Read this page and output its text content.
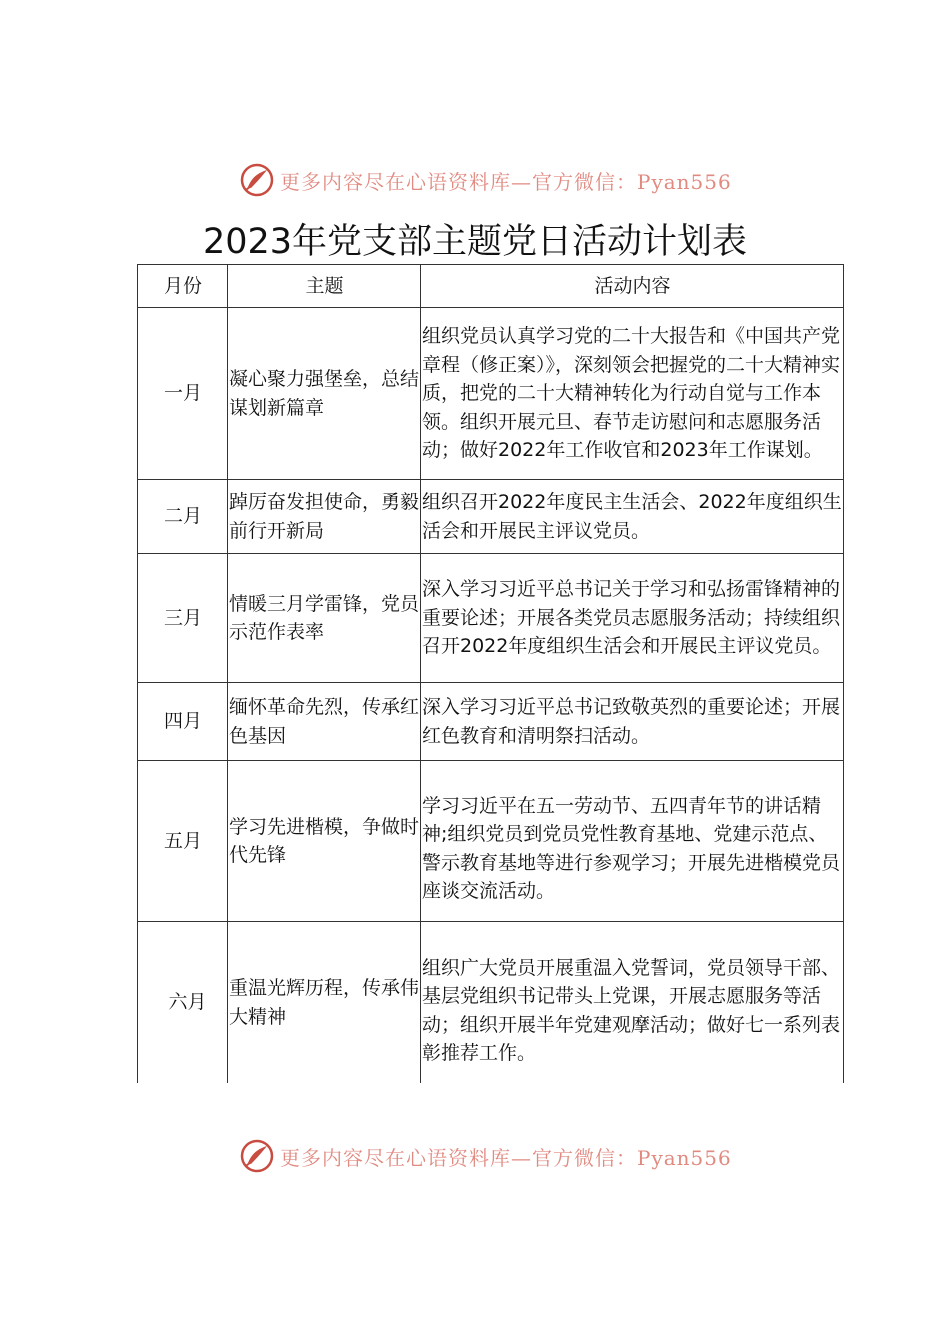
更多内容尽在心语资料库—官方微信：Pyan556
2023年党支部主题党日活动计划表
月份	主题	活动内容
一月	凝心聚力强堡垒，总结谋划新篇章	组织党员认真学习党的二十大报告和《中国共产党章程（修正案）》，深刻领会把握党的二十大精神实质，把党的二十大精神转化为行动自觉与工作本领。组织开展元旦、春节走访慰问和志愿服务活动；做好2022年工作收官和2023年工作谋划。
二月	踔厉奋发担使命，勇毅前行开新局	组织召开2022年度民主生活会、2022年度组织生活会和开展民主评议党员。
三月	情暖三月学雷锋，党员示范作表率	深入学习习近平总书记关于学习和弘扬雷锋精神的重要论述；开展各类党员志愿服务活动；持续组织召开2022年度组织生活会和开展民主评议党员。
四月	缅怀革命先烈，传承红色基因	深入学习习近平总书记致敬英烈的重要论述；开展红色教育和清明祭扫活动。
五月	学习先进楷模，争做时代先锋	学习习近平在五一劳动节、五四青年节的讲话精神;组织党员到党员党性教育基地、党建示范点、警示教育基地等进行参观学习；开展先进楷模党员座谈交流活动。
六月	重温光辉历程，传承伟大精神	组织广大党员开展重温入党誓词，党员领导干部、基层党组织书记带头上党课，开展志愿服务等活动；组织开展半年党建观摩活动；做好七一系列表彰推荐工作。
更多内容尽在心语资料库—官方微信：Pyan556
